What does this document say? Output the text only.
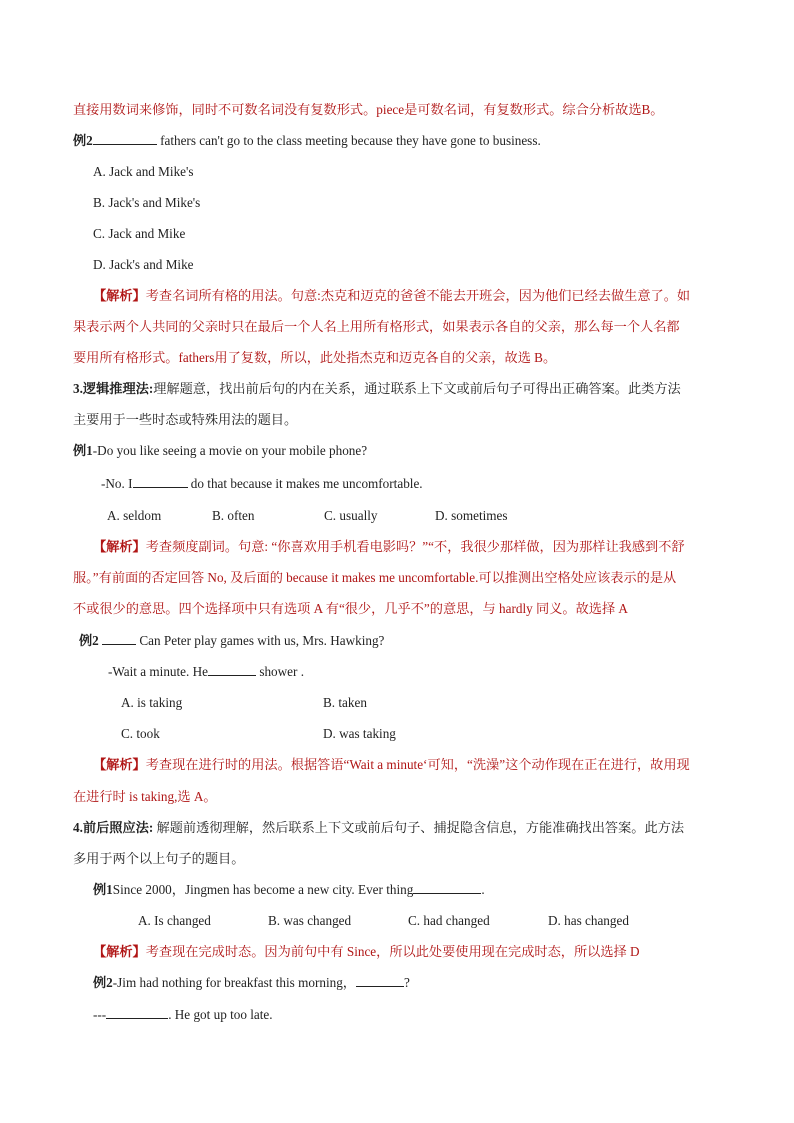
直接用数词来修饰，同时不可数名词没有复数形式。piece是可数名词，有复数形式。综合分析故选B。
例2	fathers can't go to the class meeting because they have gone to business.
A. Jack and Mike's
B. Jack's and Mike's
C. Jack and Mike
D. Jack's and Mike
【解析】考查名词所有格的用法。句意:杰克和迈克的爸爸不能去开班会，因为他们已经去做生意了。如
果表示两个人共同的父亲时只在最后一个人名上用所有格形式，如果表示各自的父亲，那么每一个人名都
要用所有格形式。fathers用了复数，所以，此处指杰克和迈克各自的父亲，故选 B。
3.逻辑推理法:理解题意，找出前后句的内在关系，通过联系上下文或前后句子可得出正确答案。此类方法
主要用于一些时态或特殊用法的题目。
例1-Do you like seeing a movie on your mobile phone?
-No. I	do that because it makes me uncomfortable.
A. seldom	B. often	C. usually	D. sometimes
【解析】考查频度副词。句意: “你喜欢用手机看电影吗？”“不，我很少那样做，因为那样让我感到不舒
服。”有前面的否定回答 No, 及后面的 because it makes me uncomfortable.可以推测出空格处应该表示的是从
不或很少的意思。四个选择项中只有选项 A 有“很少，几乎不”的意思，与 hardly 同义。故选择 A
例2	Can Peter play games with us, Mrs. Hawking?
-Wait a minute. He	shower .
A. is taking	B. taken
C. took	D. was taking
【解析】考查现在进行时的用法。根据答语“Wait a minute‘可知，“洗澡”这个动作现在正在进行，故用现
在进行时 is taking,选 A。
4.前后照应法: 解题前透彻理解，然后联系上下文或前后句子、捕捉隐含信息，方能准确找出答案。此方法
多用于两个以上句子的题目。
例1Since 2000，Jingmen has become a new city. Ever thing	.
A. Is changed	B. was changed	C. had changed	D. has changed
【解析】考查现在完成时态。因为前句中有 Since，所以此处要使用现在完成时态，所以选择 D
例2-Jim had nothing for breakfast this morning，	?
---	. He got up too late.
